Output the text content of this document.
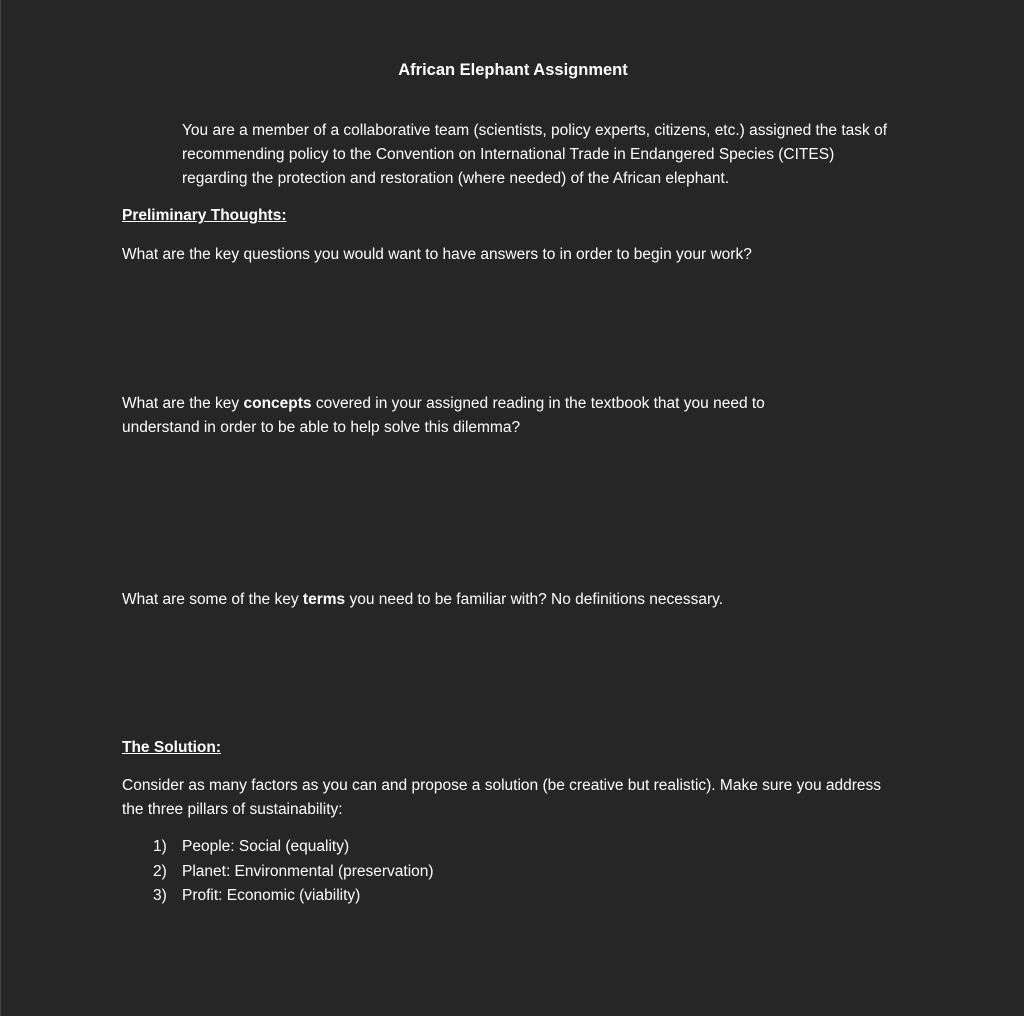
African Elephant Assignment
You are a member of a collaborative team (scientists, policy experts, citizens, etc.) assigned the task of recommending policy to the Convention on International Trade in Endangered Species (CITES) regarding the protection and restoration (where needed) of the African elephant.
Preliminary Thoughts:
What are the key questions you would want to have answers to in order to begin your work?
What are the key concepts covered in your assigned reading in the textbook that you need to understand in order to be able to help solve this dilemma?
What are some of the key terms you need to be familiar with? No definitions necessary.
The Solution:
Consider as many factors as you can and propose a solution (be creative but realistic). Make sure you address the three pillars of sustainability:
1) People: Social (equality)
2) Planet: Environmental (preservation)
3) Profit: Economic (viability)
